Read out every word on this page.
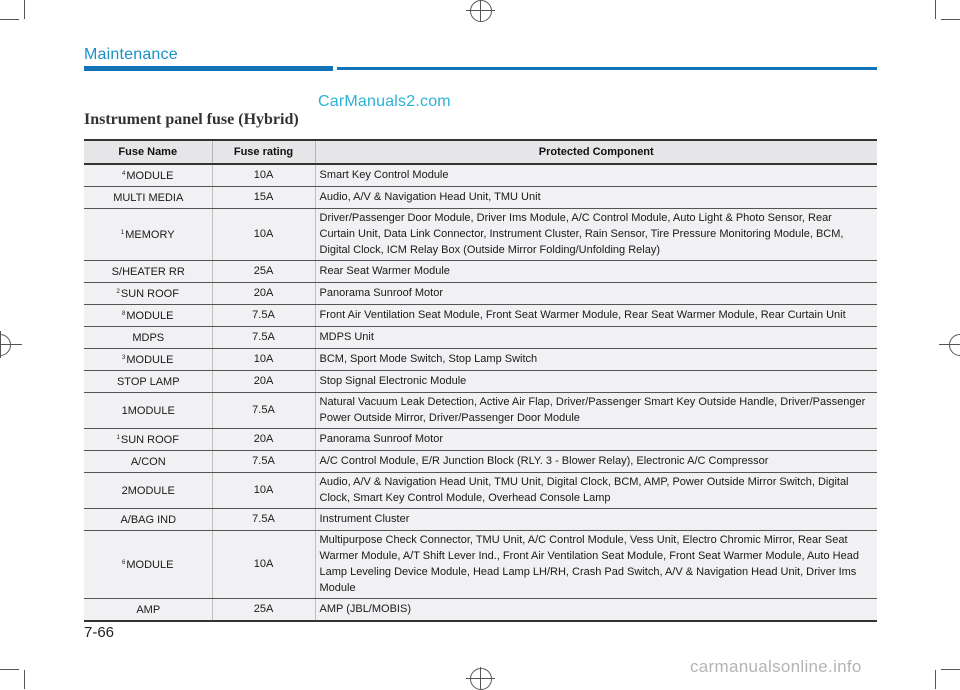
Maintenance
CarManuals2.com
Instrument panel fuse (Hybrid)
Fuse Name	Fuse rating	Protected Component
$^4$MODULE	10A	Smart Key Control Module
MULTI MEDIA	15A	Audio, A/V & Navigation Head Unit, TMU Unit
$^1$MEMORY	10A	Driver/Passenger Door Module, Driver Ims Module, A/C Control Module, Auto Light & Photo Sensor, Rear Curtain Unit, Data Link Connector, Instrument Cluster, Rain Sensor, Tire Pressure Monitoring Module, BCM, Digital Clock, ICM Relay Box (Outside Mirror Folding/Unfolding Relay)
S/HEATER RR	25A	Rear Seat Warmer Module
$^2$SUN ROOF	20A	Panorama Sunroof Motor
$^8$MODULE	7.5A	Front Air Ventilation Seat Module, Front Seat Warmer Module, Rear Seat Warmer Module, Rear Curtain Unit
MDPS	7.5A	MDPS Unit
$^3$MODULE	10A	BCM, Sport Mode Switch, Stop Lamp Switch
STOP LAMP	20A	Stop Signal Electronic Module
1MODULE	7.5A	Natural Vacuum Leak Detection, Active Air Flap, Driver/Passenger Smart Key Outside Handle, Driver/Passenger Power Outside Mirror, Driver/Passenger Door Module
$^1$SUN ROOF	20A	Panorama Sunroof Motor
A/CON	7.5A	A/C Control Module, E/R Junction Block (RLY. 3 - Blower Relay), Electronic A/C Compressor
2MODULE	10A	Audio, A/V & Navigation Head Unit, TMU Unit, Digital Clock, BCM, AMP, Power Outside Mirror Switch, Digital Clock, Smart Key Control Module, Overhead Console Lamp
A/BAG IND	7.5A	Instrument Cluster
$^6$MODULE	10A	Multipurpose Check Connector, TMU Unit, A/C Control Module, Vess Unit, Electro Chromic Mirror, Rear Seat Warmer Module, A/T Shift Lever Ind., Front Air Ventilation Seat Module, Front Seat Warmer Module, Auto Head Lamp Leveling Device Module, Head Lamp LH/RH, Crash Pad Switch, A/V & Navigation Head Unit, Driver Ims Module
AMP	25A	AMP (JBL/MOBIS)
7-66
carmanualsonline.info
